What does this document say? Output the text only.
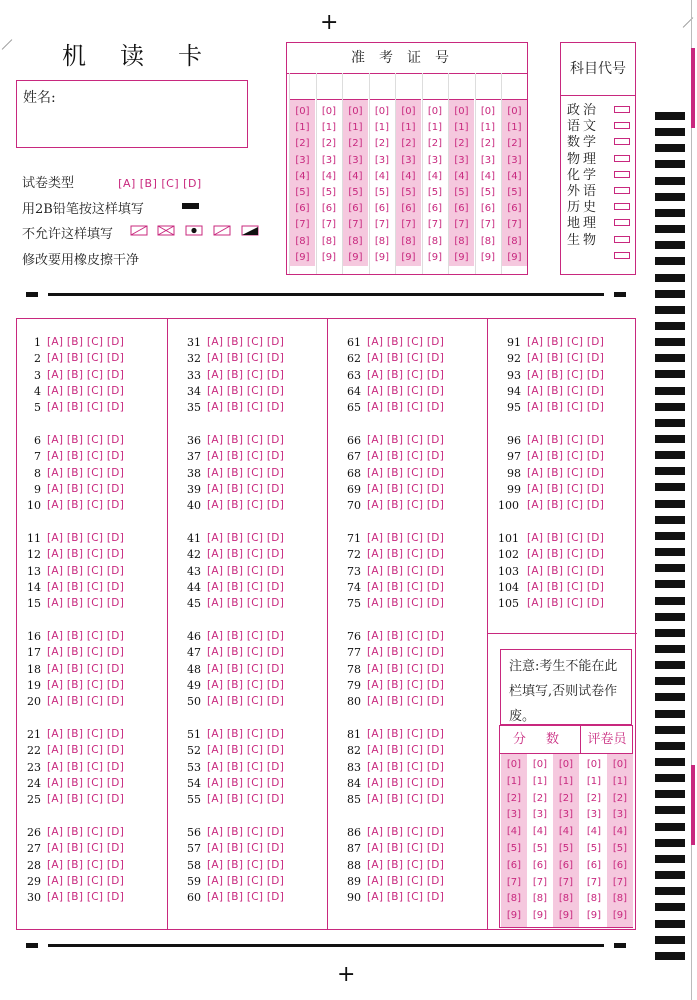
+
+
机读卡
姓名:
试卷类型	[A] [B] [C] [D]
用2B铅笔按这样填写
不允许这样填写
修改要用橡皮擦干净
准考证号
[0]
[1]
[2]
[3]
[4]
[5]
[6]
[7]
[8]
[9]
[0]
[1]
[2]
[3]
[4]
[5]
[6]
[7]
[8]
[9]
[0]
[1]
[2]
[3]
[4]
[5]
[6]
[7]
[8]
[9]
[0]
[1]
[2]
[3]
[4]
[5]
[6]
[7]
[8]
[9]
[0]
[1]
[2]
[3]
[4]
[5]
[6]
[7]
[8]
[9]
[0]
[1]
[2]
[3]
[4]
[5]
[6]
[7]
[8]
[9]
[0]
[1]
[2]
[3]
[4]
[5]
[6]
[7]
[8]
[9]
[0]
[1]
[2]
[3]
[4]
[5]
[6]
[7]
[8]
[9]
[0]
[1]
[2]
[3]
[4]
[5]
[6]
[7]
[8]
[9]
科目代号
政治
语文
数学
物理
化学
外语
历史
地理
生物
1 [A] [B] [C] [D]
2 [A] [B] [C] [D]
3 [A] [B] [C] [D]
4 [A] [B] [C] [D]
5 [A] [B] [C] [D]
6 [A] [B] [C] [D]
7 [A] [B] [C] [D]
8 [A] [B] [C] [D]
9 [A] [B] [C] [D]
10 [A] [B] [C] [D]
11 [A] [B] [C] [D]
12 [A] [B] [C] [D]
13 [A] [B] [C] [D]
14 [A] [B] [C] [D]
15 [A] [B] [C] [D]
16 [A] [B] [C] [D]
17 [A] [B] [C] [D]
18 [A] [B] [C] [D]
19 [A] [B] [C] [D]
20 [A] [B] [C] [D]
21 [A] [B] [C] [D]
22 [A] [B] [C] [D]
23 [A] [B] [C] [D]
24 [A] [B] [C] [D]
25 [A] [B] [C] [D]
26 [A] [B] [C] [D]
27 [A] [B] [C] [D]
28 [A] [B] [C] [D]
29 [A] [B] [C] [D]
30 [A] [B] [C] [D]
31 [A] [B] [C] [D]
32 [A] [B] [C] [D]
33 [A] [B] [C] [D]
34 [A] [B] [C] [D]
35 [A] [B] [C] [D]
36 [A] [B] [C] [D]
37 [A] [B] [C] [D]
38 [A] [B] [C] [D]
39 [A] [B] [C] [D]
40 [A] [B] [C] [D]
41 [A] [B] [C] [D]
42 [A] [B] [C] [D]
43 [A] [B] [C] [D]
44 [A] [B] [C] [D]
45 [A] [B] [C] [D]
46 [A] [B] [C] [D]
47 [A] [B] [C] [D]
48 [A] [B] [C] [D]
49 [A] [B] [C] [D]
50 [A] [B] [C] [D]
51 [A] [B] [C] [D]
52 [A] [B] [C] [D]
53 [A] [B] [C] [D]
54 [A] [B] [C] [D]
55 [A] [B] [C] [D]
56 [A] [B] [C] [D]
57 [A] [B] [C] [D]
58 [A] [B] [C] [D]
59 [A] [B] [C] [D]
60 [A] [B] [C] [D]
61 [A] [B] [C] [D]
62 [A] [B] [C] [D]
63 [A] [B] [C] [D]
64 [A] [B] [C] [D]
65 [A] [B] [C] [D]
66 [A] [B] [C] [D]
67 [A] [B] [C] [D]
68 [A] [B] [C] [D]
69 [A] [B] [C] [D]
70 [A] [B] [C] [D]
71 [A] [B] [C] [D]
72 [A] [B] [C] [D]
73 [A] [B] [C] [D]
74 [A] [B] [C] [D]
75 [A] [B] [C] [D]
76 [A] [B] [C] [D]
77 [A] [B] [C] [D]
78 [A] [B] [C] [D]
79 [A] [B] [C] [D]
80 [A] [B] [C] [D]
81 [A] [B] [C] [D]
82 [A] [B] [C] [D]
83 [A] [B] [C] [D]
84 [A] [B] [C] [D]
85 [A] [B] [C] [D]
86 [A] [B] [C] [D]
87 [A] [B] [C] [D]
88 [A] [B] [C] [D]
89 [A] [B] [C] [D]
90 [A] [B] [C] [D]
91 [A] [B] [C] [D]
92 [A] [B] [C] [D]
93 [A] [B] [C] [D]
94 [A] [B] [C] [D]
95 [A] [B] [C] [D]
96 [A] [B] [C] [D]
97 [A] [B] [C] [D]
98 [A] [B] [C] [D]
99 [A] [B] [C] [D]
100 [A] [B] [C] [D]
101 [A] [B] [C] [D]
102 [A] [B] [C] [D]
103 [A] [B] [C] [D]
104 [A] [B] [C] [D]
105 [A] [B] [C] [D]
注意:考生不能在此栏填写,否则试卷作废。
分 数	评卷员
[0]
[1]
[2]
[3]
[4]
[5]
[6]
[7]
[8]
[9]
[0]
[1]
[2]
[3]
[4]
[5]
[6]
[7]
[8]
[9]
[0]
[1]
[2]
[3]
[4]
[5]
[6]
[7]
[8]
[9]
[0]
[1]
[2]
[3]
[4]
[5]
[6]
[7]
[8]
[9]
[0]
[1]
[2]
[3]
[4]
[5]
[6]
[7]
[8]
[9]
